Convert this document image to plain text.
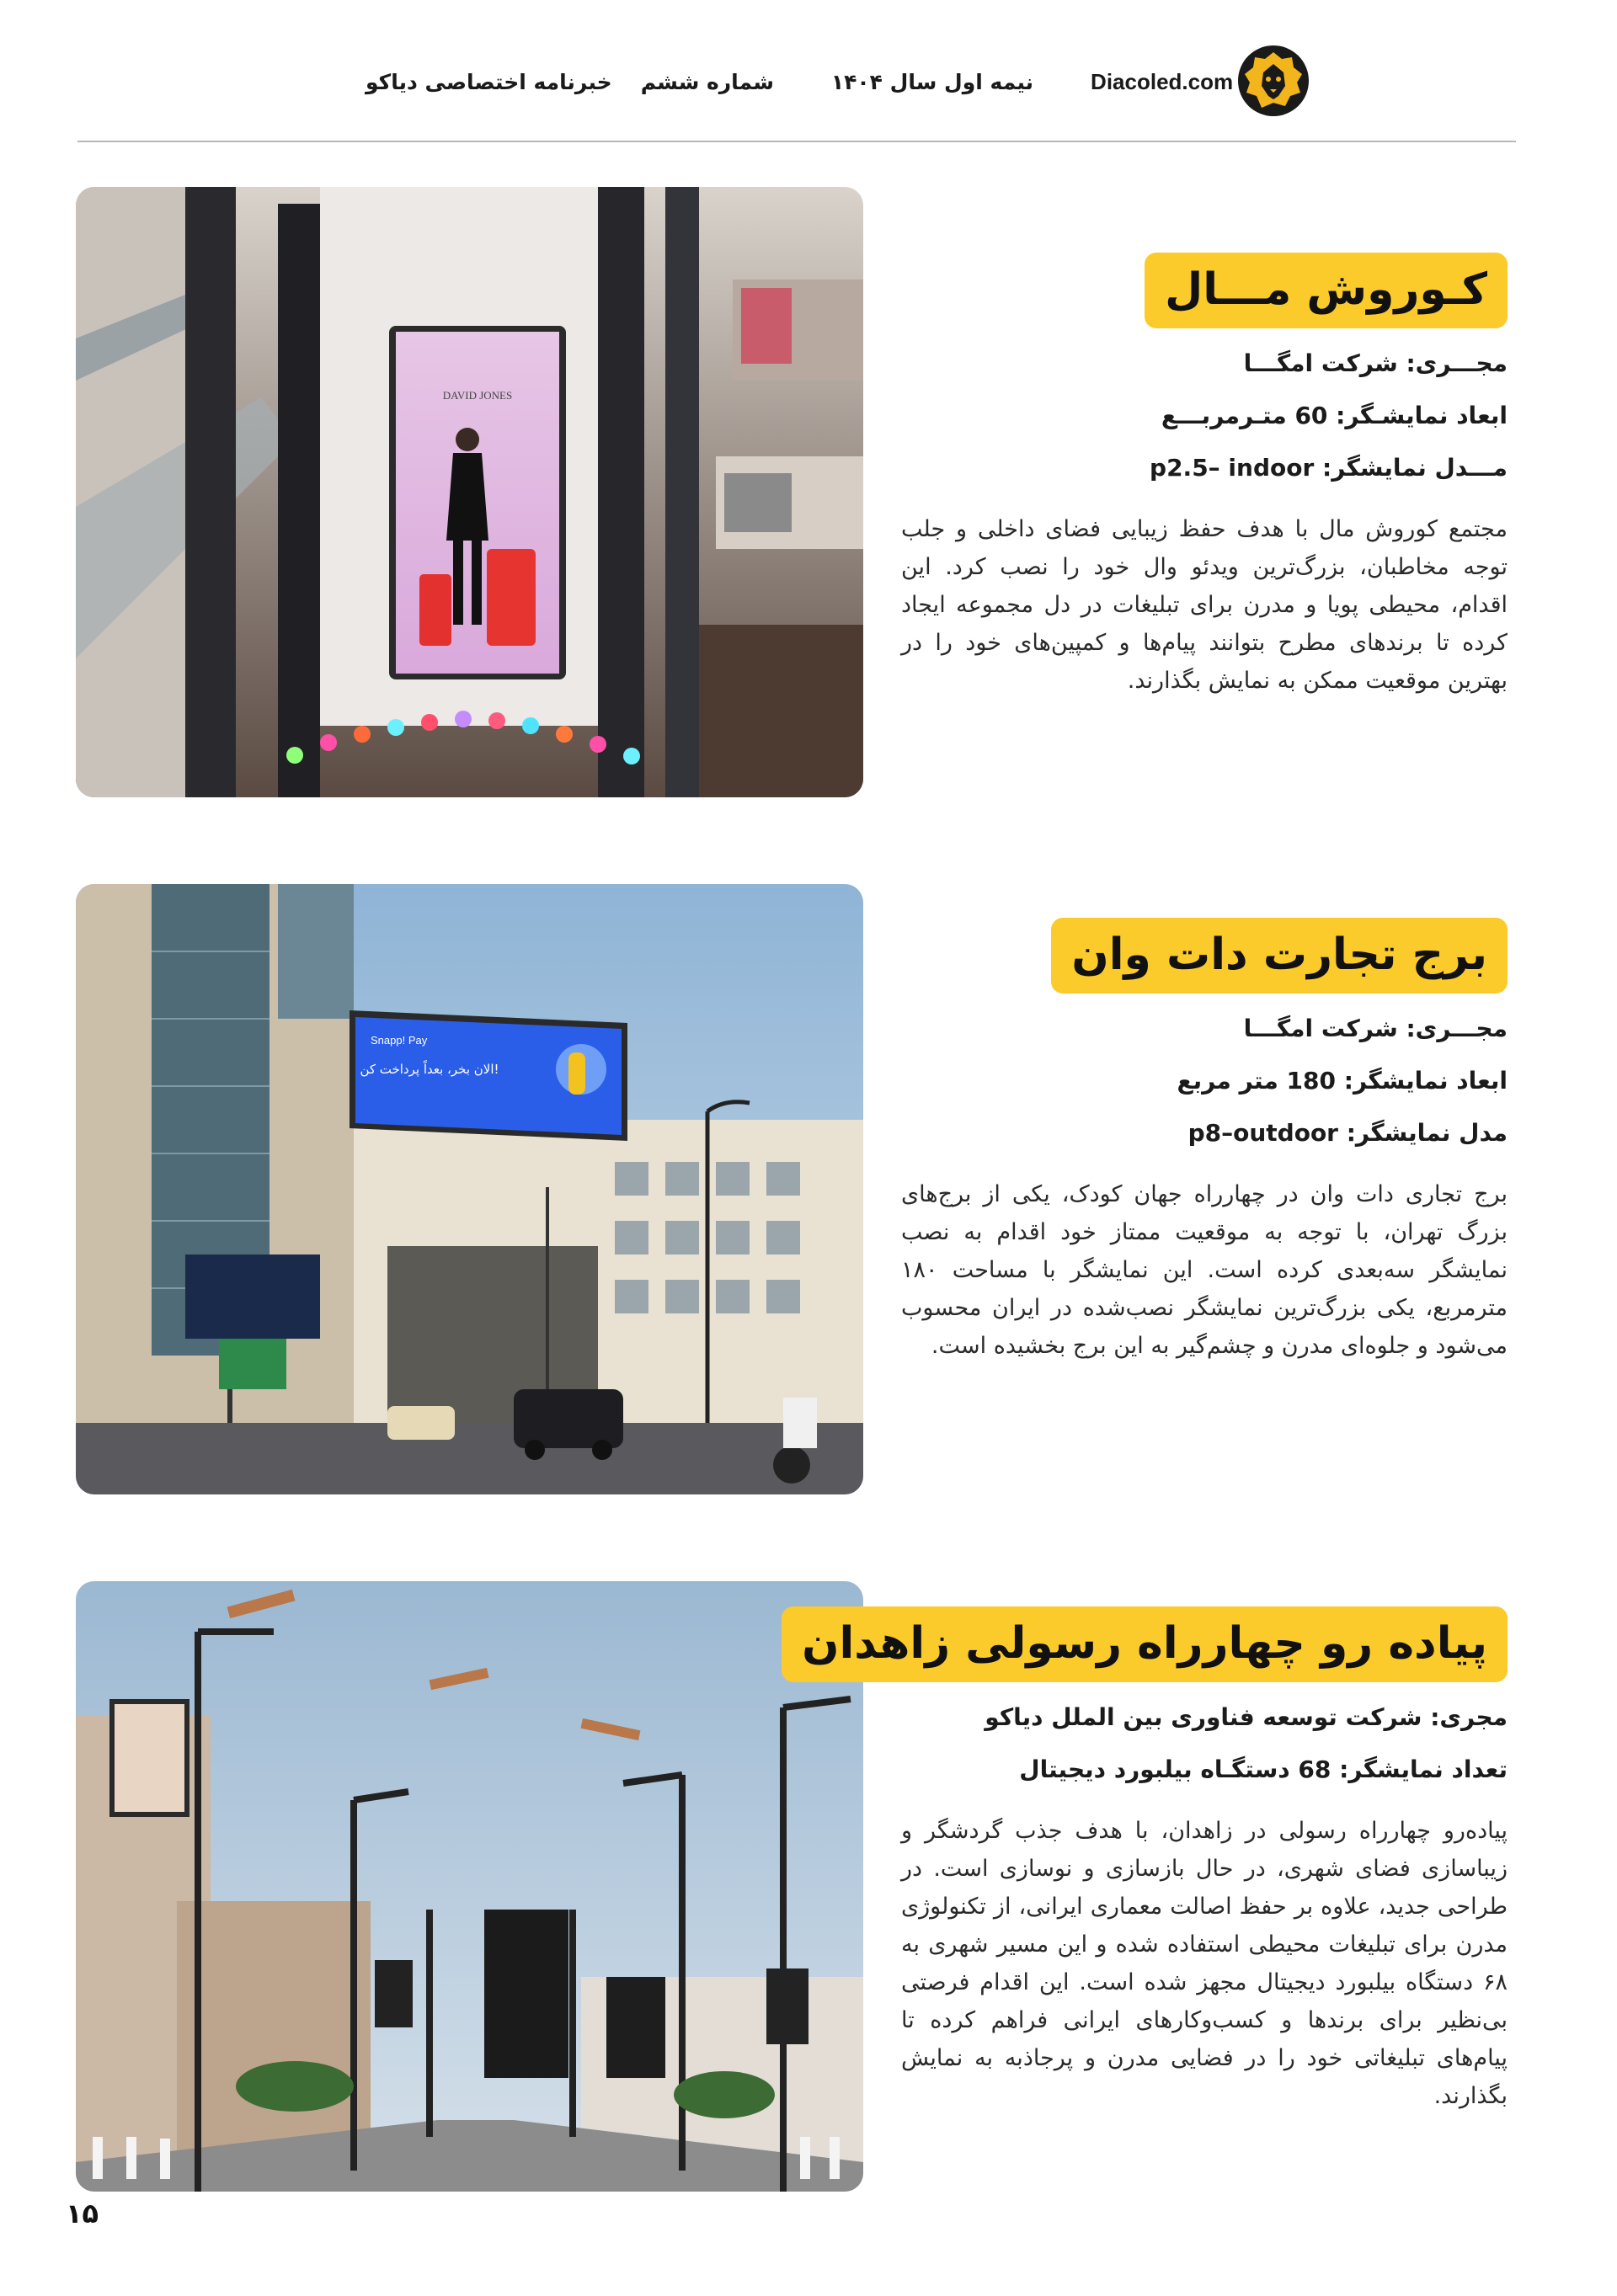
خبرنامه اختصاصی دیاکو	شماره ششم	نیمه اول سال ۱۴۰۴	Diacoled.com
DAVID JONES
کـوروش مـــال
مجـــری: شرکت امگـــا
ابعاد نمایشـگر: 60 متـرمربـــع
مـــدل نمایشگر: p2.5– indoor
مجتمع کوروش مال با هدف حفظ زیبایی فضای داخلی و جلب توجه مخاطبان، بزرگ‌ترین ویدئو وال خود را نصب کرد. این اقدام، محیطی پویا و مدرن برای تبلیغات در دل مجموعه ایجاد کرده تا برندهای مطرح بتوانند پیام‌ها و کمپین‌های خود را در بهترین موقعیت ممکن به نمایش بگذارند.
Snapp! Pay
الان بخر، بعداً پرداخت کن!
برج تجارت دات وان
مجـــری: شرکت امگـــا
ابعاد نمایشگر: 180 متر مربع
مدل نمایشگر: p8–outdoor
برج تجاری دات وان در چهارراه جهان کودک، یکی از برج‌های بزرگ تهران، با توجه به موقعیت ممتاز خود اقدام به نصب نمایشگر سه‌بعدی کرده است. این نمایشگر با مساحت ۱۸۰ مترمربع، یکی بزرگ‌ترین نمایشگر نصب‌شده در ایران محسوب می‌شود و جلوه‌ای مدرن و چشم‌گیر به این برج بخشیده است.
پیاده رو چهارراه رسولی زاهدان
مجری: شرکت توسعه فناوری بین الملل دیاکو
تعداد نمایشگر: 68 دستگـاه بیلبورد دیجیتال
پیاده‌رو چهارراه رسولی در زاهدان، با هدف جذب گردشگر و زیباسازی فضای شهری، در حال بازسازی و نوسازی است. در طراحی جدید، علاوه بر حفظ اصالت معماری ایرانی، از تکنولوژی مدرن برای تبلیغات محیطی استفاده شده و این مسیر شهری به ۶۸ دستگاه بیلبورد دیجیتال مجهز شده است. این اقدام فرصتی بی‌نظیر برای برندها و کسب‌وکارهای ایرانی فراهم کرده تا پیام‌های تبلیغاتی خود را در فضایی مدرن و پرجاذبه به نمایش بگذارند.
۱۵
